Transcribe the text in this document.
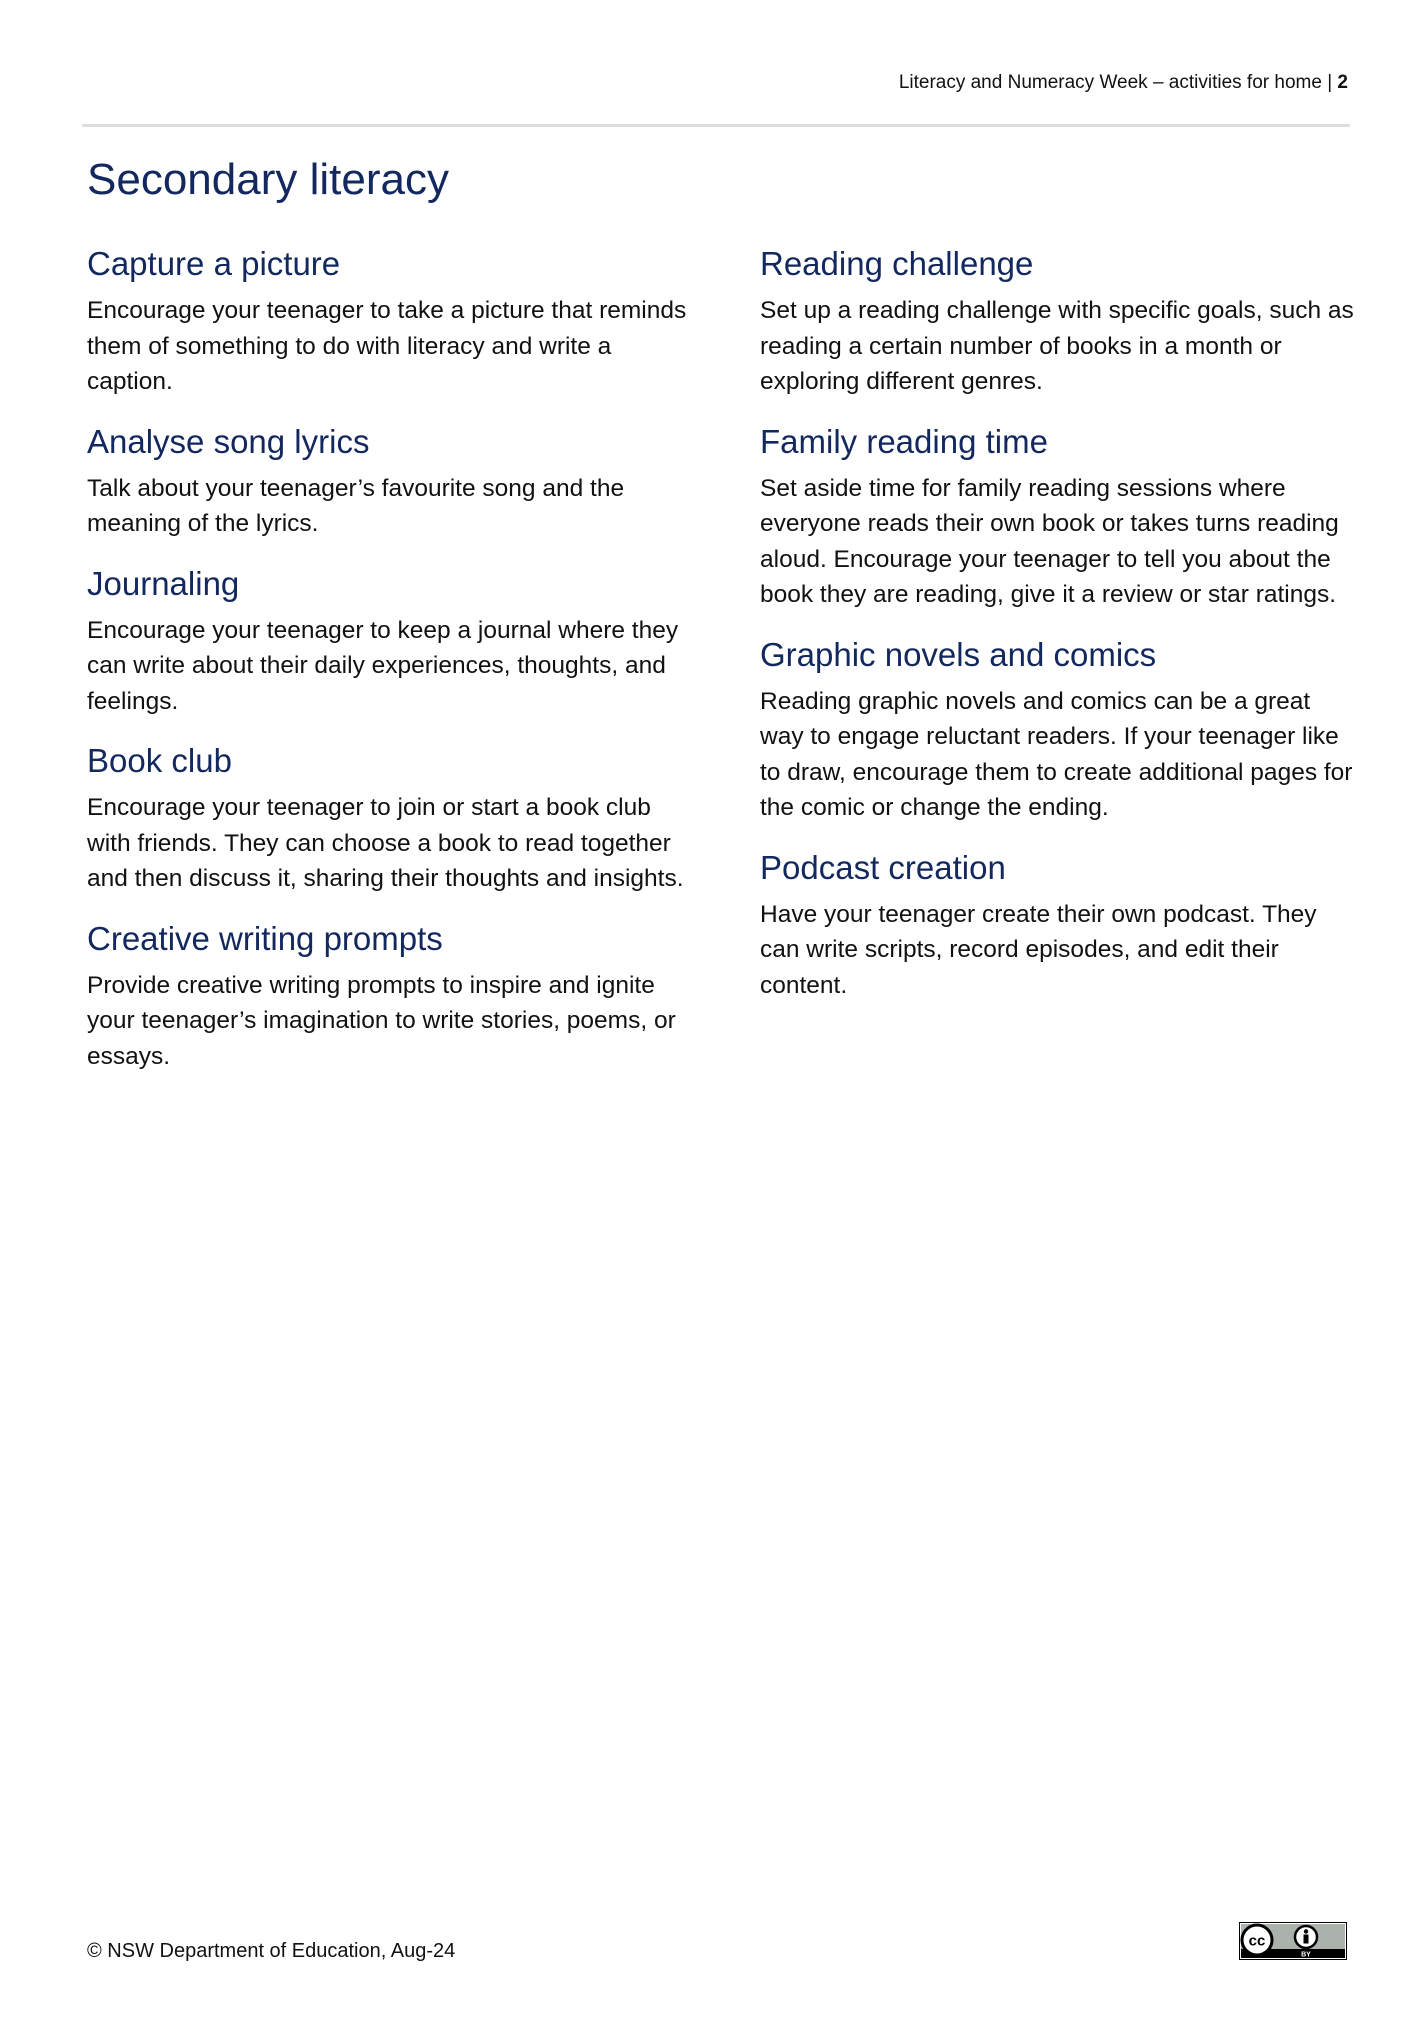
Literacy and Numeracy Week – activities for home | 2
Secondary literacy
Capture a picture

Encourage your teenager to take a picture that reminds them of something to do with literacy and write a caption.

Analyse song lyrics

Talk about your teenager’s favourite song and the meaning of the lyrics.

Journaling

Encourage your teenager to keep a journal where they can write about their daily experiences, thoughts, and feelings.

Book club

Encourage your teenager to join or start a book club with friends. They can choose a book to read together and then discuss it, sharing their thoughts and insights.

Creative writing prompts

Provide creative writing prompts to inspire and ignite your teenager’s imagination to write stories, poems, or essays.

Reading challenge

Set up a reading challenge with specific goals, such as reading a certain number of books in a month or exploring different genres.

Family reading time

Set aside time for family reading sessions where everyone reads their own book or takes turns reading aloud. Encourage your teenager to tell you about the book they are reading, give it a review or star ratings.

Graphic novels and comics

Reading graphic novels and comics can be a great way to engage reluctant readers. If your teenager like to draw, encourage them to create additional pages for the comic or change the ending.

Podcast creation

Have your teenager create their own podcast. They can write scripts, record episodes, and edit their content.

© NSW Department of Education, Aug-24	cc
BY
